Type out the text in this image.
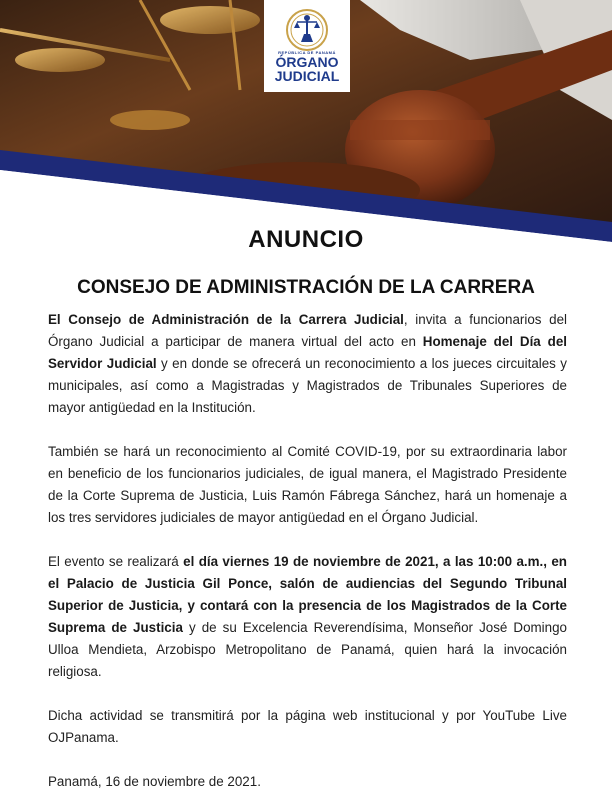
REPÚBLICA DE PANAMÁ
ÓRGANO
JUDICIAL
ANUNCIO
CONSEJO DE ADMINISTRACIÓN DE LA CARRERA

El Consejo de Administración de la Carrera Judicial, invita a funcionarios del Órgano Judicial a participar de manera virtual del acto en Homenaje del Día del Servidor Judicial y en donde se ofrecerá un reconocimiento a los jueces circuitales y municipales, así como a Magistradas y Magistrados de Tribunales Superiores de mayor antigüedad en la Institución.

También se hará un reconocimiento al Comité COVID-19, por su extraordinaria labor en beneficio de los funcionarios judiciales, de igual manera, el Magistrado Presidente de la Corte Suprema de Justicia, Luis Ramón Fábrega Sánchez, hará un homenaje a los tres servidores judiciales de mayor antigüedad en el Órgano Judicial.

El evento se realizará el día viernes 19 de noviembre de 2021, a las 10:00 a.m., en el Palacio de Justicia Gil Ponce, salón de audiencias del Segundo Tribunal Superior de Justicia, y contará con la presencia de los Magistrados de la Corte Suprema de Justicia y de su Excelencia Reverendísima, Monseñor José Domingo Ulloa Mendieta, Arzobispo Metropolitano de Panamá, quien hará la invocación religiosa.

Dicha actividad se transmitirá por la página web institucional y por YouTube Live OJPanama.

Panamá, 16 de noviembre de 2021.
